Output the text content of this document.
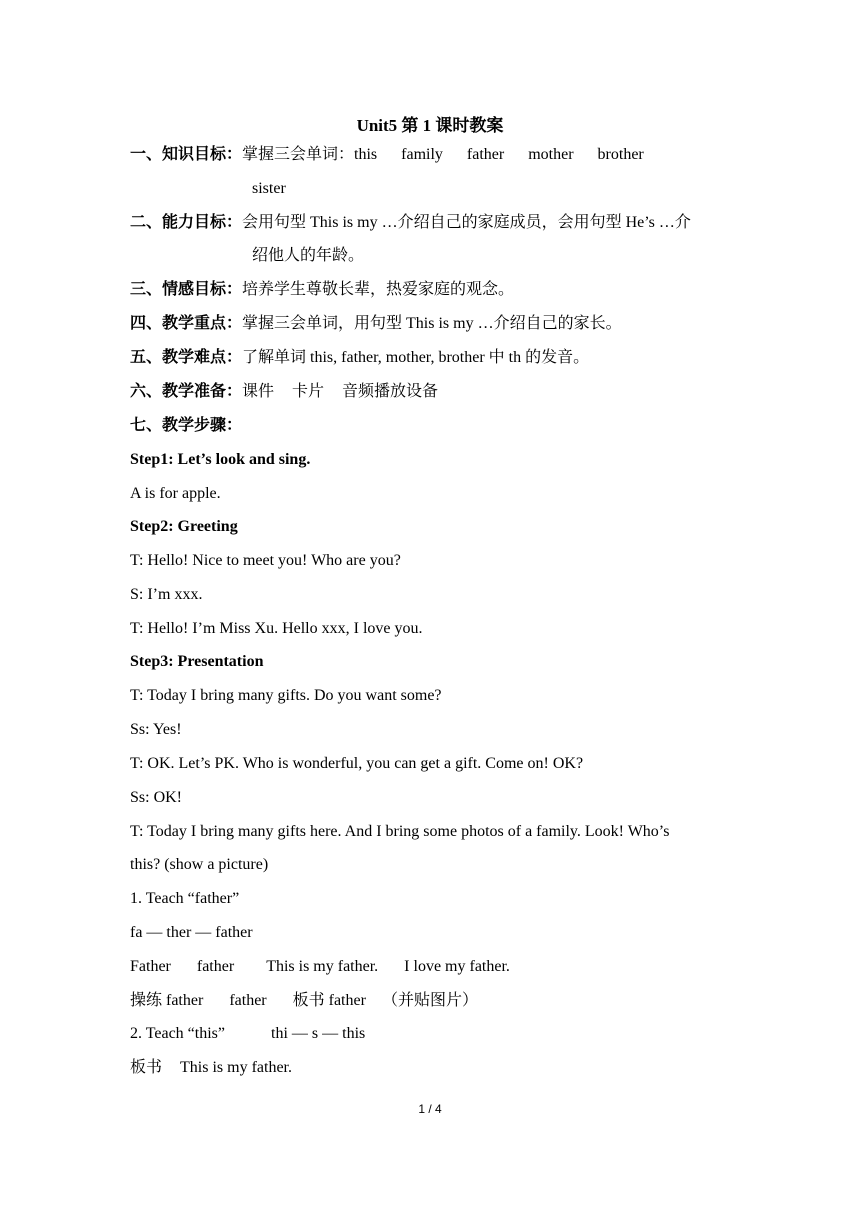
Unit5 第 1 课时教案
一、知识目标：掌握三会单词：this family father mother brother
sister
二、能力目标：会用句型 This is my …介绍自己的家庭成员，会用句型 He’s …介
绍他人的年龄。
三、情感目标：培养学生尊敬长辈，热爱家庭的观念。
四、教学重点：掌握三会单词，用句型 This is my …介绍自己的家长。
五、教学难点：了解单词 this, father, mother, brother 中 th 的发音。
六、教学准备：课件 卡片 音频播放设备
七、教学步骤：
Step1: Let’s look and sing.
A is for apple.
Step2: Greeting
T: Hello! Nice to meet you! Who are you?
S: I’m xxx.
T: Hello! I’m Miss Xu. Hello xxx, I love you.
Step3: Presentation
T: Today I bring many gifts. Do you want some?
Ss: Yes!
T: OK. Let’s PK. Who is wonderful, you can get a gift. Come on! OK?
Ss: OK!
T: Today I bring many gifts here. And I bring some photos of a family. Look! Who’s
this? (show a picture)
1. Teach “father”
fa — ther — father
Father father This is my father. I love my father.
操练 father father 板书 father （并贴图片）
2. Teach “this”	thi — s — this
板书 This is my father.
1 / 4
